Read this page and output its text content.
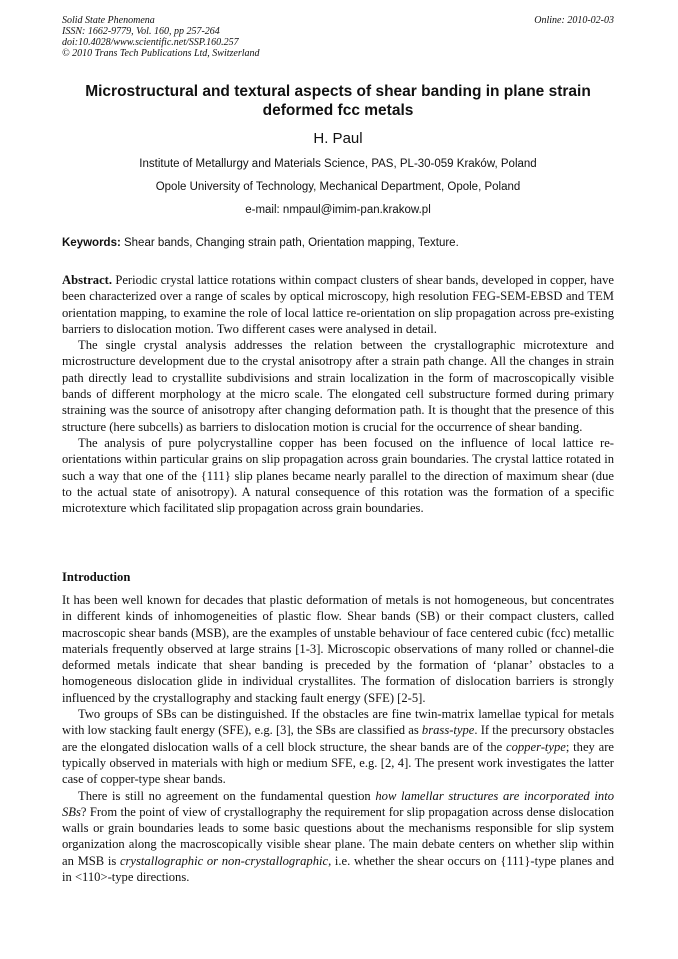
Solid State Phenomena
ISSN: 1662-9779, Vol. 160, pp 257-264
doi:10.4028/www.scientific.net/SSP.160.257
© 2010 Trans Tech Publications Ltd, Switzerland
Online: 2010-02-03
Microstructural and textural aspects of shear banding in plane strain
deformed fcc metals
H. Paul
Institute of Metallurgy and Materials Science, PAS, PL-30-059 Kraków, Poland
Opole University of Technology, Mechanical Department, Opole, Poland
e-mail: nmpaul@imim-pan.krakow.pl
Keywords: Shear bands, Changing strain path, Orientation mapping, Texture.

Abstract. Periodic crystal lattice rotations within compact clusters of shear bands, developed in copper, have been characterized over a range of scales by optical microscopy, high resolution FEG-SEM-EBSD and TEM orientation mapping, to examine the role of local lattice re-orientation on slip propagation across pre-existing barriers to dislocation motion. Two different cases were analysed in detail.

The single crystal analysis addresses the relation between the crystallographic microtexture and microstructure development due to the crystal anisotropy after a strain path change. All the changes in strain path directly lead to crystallite subdivisions and strain localization in the form of macroscopically visible bands of different morphology at the micro scale. The elongated cell substructure formed during primary straining was the source of anisotropy after changing deformation path. It is thought that the presence of this structure (here subcells) as barriers to dislocation motion is crucial for the occurrence of shear banding.

The analysis of pure polycrystalline copper has been focused on the influence of local lattice re-orientations within particular grains on slip propagation across grain boundaries. The crystal lattice rotated in such a way that one of the {111} slip planes became nearly parallel to the direction of maximum shear (due to the actual state of anisotropy). A natural consequence of this rotation was the formation of a specific microtexture which facilitated slip propagation across grain boundaries.

Introduction

It has been well known for decades that plastic deformation of metals is not homogeneous, but concentrates in different kinds of inhomogeneities of plastic flow. Shear bands (SB) or their compact clusters, called macroscopic shear bands (MSB), are the examples of unstable behaviour of face centered cubic (fcc) metallic materials frequently observed at large strains [1-3]. Microscopic observations of many rolled or channel-die deformed metals indicate that shear banding is preceded by the formation of ‘planar’ obstacles to a homogeneous dislocation glide in individual crystallites. The formation of dislocation barriers is strongly influenced by the crystallography and stacking fault energy (SFE) [2-5].

Two groups of SBs can be distinguished. If the obstacles are fine twin-matrix lamellae typical for metals with low stacking fault energy (SFE), e.g. [3], the SBs are classified as brass-type. If the precursory obstacles are the elongated dislocation walls of a cell block structure, the shear bands are of the copper-type; they are typically observed in materials with high or medium SFE, e.g. [2, 4]. The present work investigates the latter case of copper-type shear bands.

There is still no agreement on the fundamental question how lamellar structures are incorporated into SBs? From the point of view of crystallography the requirement for slip propagation across dense dislocation walls or grain boundaries leads to some basic questions about the mechanisms responsible for slip system organization along the macroscopically visible shear plane. The main debate centers on whether slip within an MSB is crystallographic or non-crystallographic, i.e. whether the shear occurs on {111}-type planes and in <110>-type directions.
